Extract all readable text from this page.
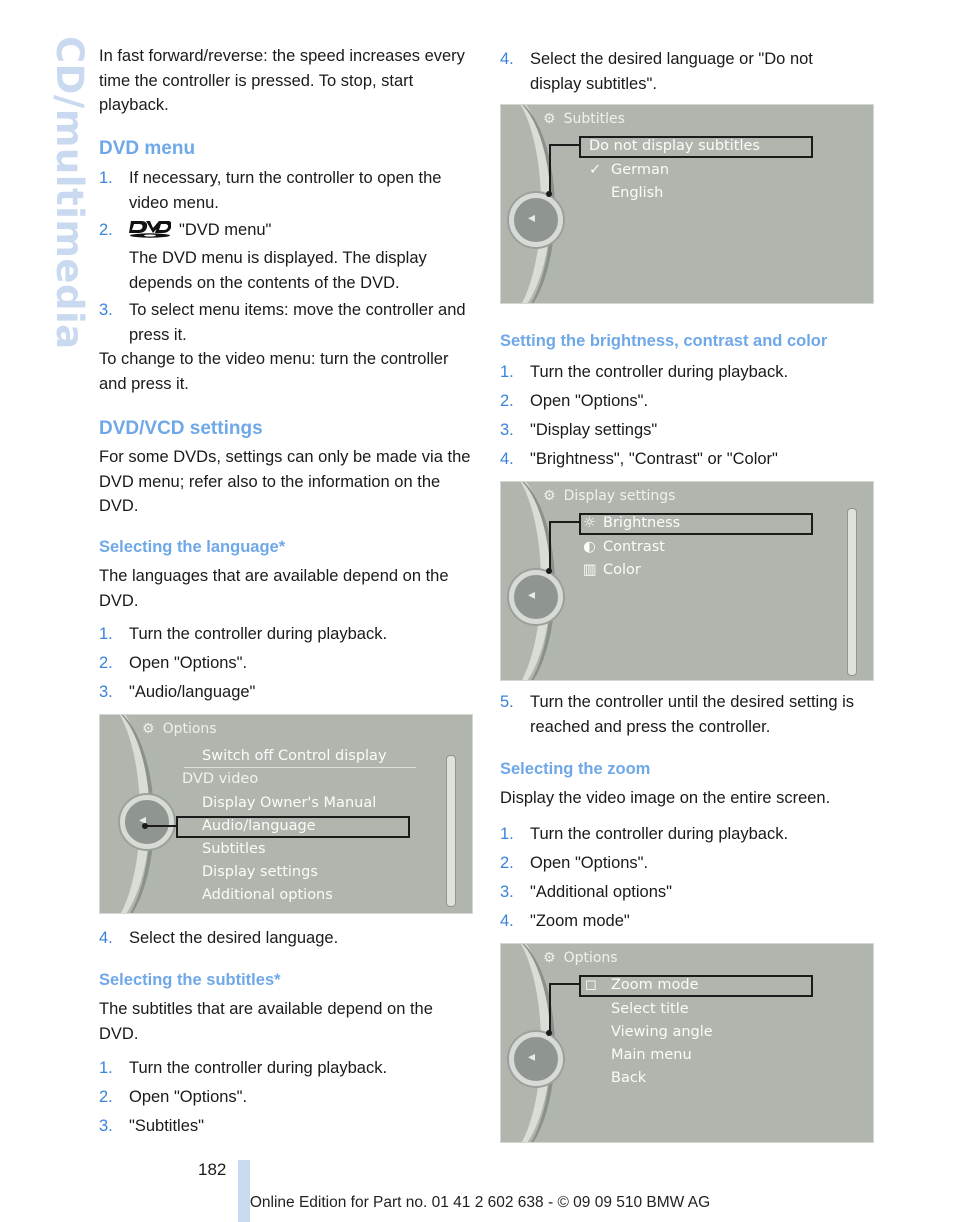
CD/multimedia In fast forward/reverse: the speed increases every time the controller is pressed. To stop, start playback.

DVD menu
1. If necessary, turn the controller to open the video menu.
2.	"DVD menu"

The DVD menu is displayed. The display depends on the contents of the DVD.

3. To select menu items: move the controller and press it.

To change to the video menu: turn the controller and press it.

DVD/VCD settings

For some DVDs, settings can only be made via the DVD menu; refer also to the information on the DVD.

Selecting the language*

The languages that are available depend on the DVD.

1. Turn the controller during playback.
2. Open "Options".
3. "Audio/language"
◂
⚙ Options
Switch off Control display
DVD video
Display Owner's Manual
Audio/language
Subtitles
Display settings
Additional options
4. Select the desired language.
Selecting the subtitles*

The subtitles that are available depend on the DVD.

1. Turn the controller during playback.
2. Open "Options".
3. "Subtitles"
4. Select the desired language or "Do not display subtitles".
◂
⚙ Subtitles
Do not display subtitles
✓ German
English
Setting the brightness, contrast and color
1. Turn the controller during playback.
2. Open "Options".
3. "Display settings"
4. "Brightness", "Contrast" or "Color"
◂
⚙ Display settings
☼ Brightness
◐ Contrast
▥ Color
5. Turn the controller until the desired setting is reached and press the controller.
Selecting the zoom

Display the video image on the entire screen.

1. Turn the controller during playback.
2. Open "Options".
3. "Additional options"
4. "Zoom mode"
◂
⚙ Options
◻ Zoom mode
Select title
Viewing angle
Main menu
Back
182
Online Edition for Part no. 01 41 2 602 638 - © 09 09 510 BMW AG
